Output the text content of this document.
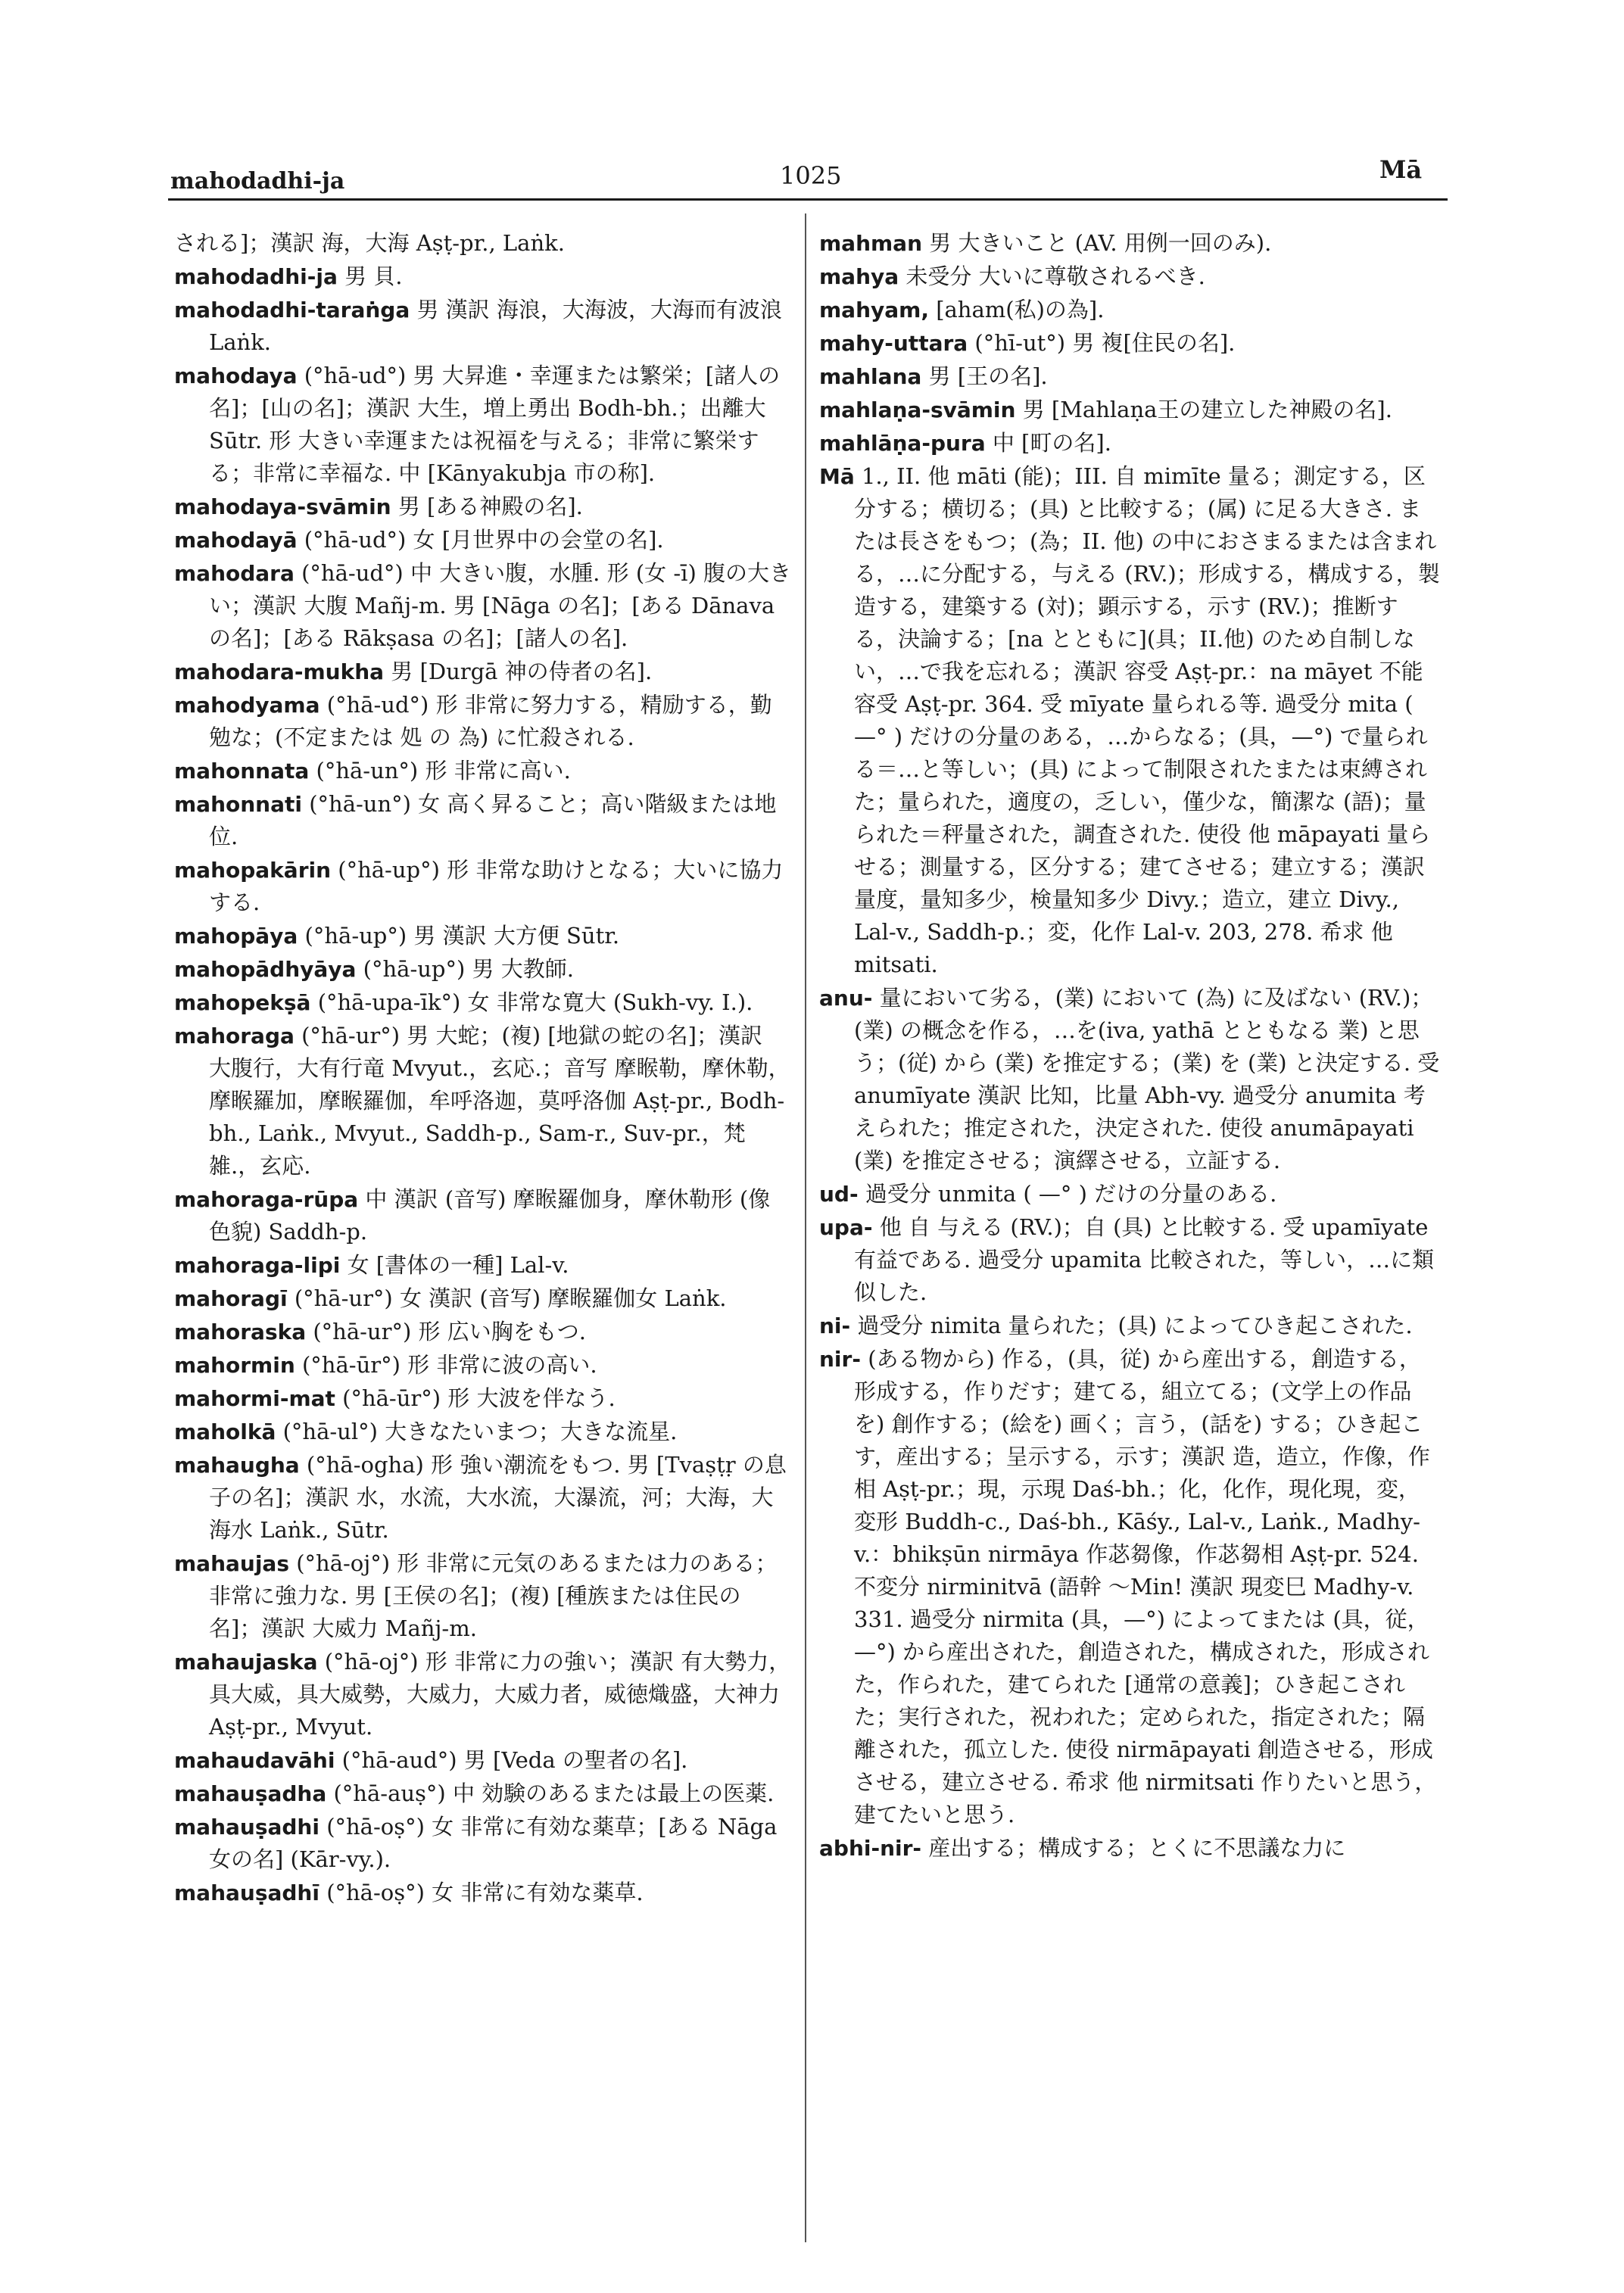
mahodadhi-ja	1025	Mā
される]；漢訳 海，大海 Aṣṭ-pr., Laṅk.
mahodadhi-ja 男 貝.
mahodadhi-taraṅga 男 漢訳 海浪，大海波，大海而有波浪 Laṅk.
mahodaya (°hā-ud°) 男 大昇進・幸運または繁栄；[諸人の名]；[山の名]；漢訳 大生，増上勇出 Bodh-bh.；出離大 Sūtr. 形 大きい幸運または祝福を与える；非常に繁栄する；非常に幸福な. 中 [Kānyakubja 市の称].
mahodaya-svāmin 男 [ある神殿の名].
mahodayā (°hā-ud°) 女 [月世界中の会堂の名].
mahodara (°hā-ud°) 中 大きい腹，水腫. 形 (女 -ī) 腹の大きい；漢訳 大腹 Mañj-m. 男 [Nāga の名]；[ある Dānava の名]；[ある Rākṣasa の名]；[諸人の名].
mahodara-mukha 男 [Durgā 神の侍者の名].
mahodyama (°hā-ud°) 形 非常に努力する，精励する，勤勉な；(不定または 処 の 為) に忙殺される.
mahonnata (°hā-un°) 形 非常に高い.
mahonnati (°hā-un°) 女 高く昇ること；高い階級または地位.
mahopakārin (°hā-up°) 形 非常な助けとなる；大いに協力する.
mahopāya (°hā-up°) 男 漢訳 大方便 Sūtr.
mahopādhyāya (°hā-up°) 男 大教師.
mahopekṣā (°hā-upa-īk°) 女 非常な寛大 (Sukh-vy. I.).
mahoraga (°hā-ur°) 男 大蛇；(複) [地獄の蛇の名]；漢訳 大腹行，大有行竜 Mvyut.，玄応.；音写 摩睺勒，摩休勒，摩睺羅加，摩睺羅伽，牟呼洛迦，莫呼洛伽 Aṣṭ-pr., Bodh-bh., Laṅk., Mvyut., Saddh-p., Sam-r., Suv-pr.，梵雑.，玄応.
mahoraga-rūpa 中 漢訳 (音写) 摩睺羅伽身，摩休勒形 (像色貌) Saddh-p.
mahoraga-lipi 女 [書体の一種] Lal-v.
mahoragī (°hā-ur°) 女 漢訳 (音写) 摩睺羅伽女 Laṅk.
mahoraska (°hā-ur°) 形 広い胸をもつ.
mahormin (°hā-ūr°) 形 非常に波の高い.
mahormi-mat (°hā-ūr°) 形 大波を伴なう.
maholkā (°hā-ul°) 大きなたいまつ；大きな流星.
mahaugha (°hā-ogha) 形 強い潮流をもつ. 男 [Tvaṣṭṛ の息子の名]；漢訳 水，水流，大水流，大瀑流，河；大海，大海水 Laṅk., Sūtr.
mahaujas (°hā-oj°) 形 非常に元気のあるまたは力のある；非常に強力な. 男 [王侯の名]；(複) [種族または住民の名]；漢訳 大威力 Mañj-m.
mahaujaska (°hā-oj°) 形 非常に力の強い；漢訳 有大勢力，具大威，具大威勢，大威力，大威力者，威徳熾盛，大神力 Aṣṭ-pr., Mvyut.
mahaudavāhi (°hā-aud°) 男 [Veda の聖者の名].
mahauṣadha (°hā-auṣ°) 中 効験のあるまたは最上の医薬.
mahauṣadhi (°hā-oṣ°) 女 非常に有効な薬草；[ある Nāga女の名] (Kār-vy.).
mahauṣadhī (°hā-oṣ°) 女 非常に有効な薬草.
mahman 男 大きいこと (AV. 用例一回のみ).
mahya 未受分 大いに尊敬されるべき.
mahyam, [aham(私)の為].
mahy-uttara (°hī-ut°) 男 複[住民の名].
mahlana 男 [王の名].
mahlaṇa-svāmin 男 [Mahlaṇa王の建立した神殿の名].
mahlāṇa-pura 中 [町の名].
Mā 1., II. 他 māti (能)；III. 自 mimīte 量る；測定する，区分する；横切る；(具) と比較する；(属) に足る大きさ. または長さをもつ；(為；II. 他) の中におさまるまたは含まれる，…に分配する，与える (RV.)；形成する，構成する，製造する，建築する (対)；顕示する，示す (RV.)；推断する，決論する；[na とともに](具；II.他) のため自制しない，…で我を忘れる；漢訳 容受 Aṣṭ-pr.：na māyet 不能容受 Aṣṭ-pr. 364. 受 mīyate 量られる等. 過受分 mita ( —° ) だけの分量のある，…からなる；(具，—°) で量られる＝…と等しい；(具) によって制限されたまたは束縛された；量られた，適度の，乏しい，僅少な，簡潔な (語)；量られた＝秤量された，調査された. 使役 他 māpayati 量らせる；測量する，区分する；建てさせる；建立する；漢訳 量度，量知多少，検量知多少 Divy.；造立，建立 Divy., Lal-v., Saddh-p.；変，化作 Lal-v. 203, 278. 希求 他 mitsati.
anu- 量において劣る，(業) において (為) に及ばない (RV.)；(業) の概念を作る，…を(iva, yathā とともなる 業) と思う；(従) から (業) を推定する；(業) を (業) と決定する. 受 anumīyate 漢訳 比知，比量 Abh-vy. 過受分 anumita 考えられた；推定された，決定された. 使役 anumāpayati (業) を推定させる；演繹させる，立証する.
ud- 過受分 unmita ( —° ) だけの分量のある.
upa- 他 自 与える (RV.)；自 (具) と比較する. 受 upamīyate 有益である. 過受分 upamita 比較された，等しい，…に類似した.
ni- 過受分 nimita 量られた；(具) によってひき起こされた.
nir- (ある物から) 作る，(具，従) から産出する，創造する，形成する，作りだす；建てる，組立てる；(文学上の作品を) 創作する；(絵を) 画く；言う，(話を) する；ひき起こす，産出する；呈示する，示す；漢訳 造，造立，作像，作相 Aṣṭ-pr.；現，示現 Daś-bh.；化，化作，現化現，変，変形 Buddh-c., Daś-bh., Kāśy., Lal-v., Laṅk., Madhy-v.：bhikṣūn nirmāya 作苾芻像，作苾芻相 Aṣṭ-pr. 524. 不変分 nirminitvā (語幹 ～Min! 漢訳 現変巳 Madhy-v. 331. 過受分 nirmita (具，—°) によってまたは (具，従，—°) から産出された，創造された，構成された，形成された，作られた，建てられた [通常の意義]；ひき起こされた；実行された，祝われた；定められた，指定された；隔離された，孤立した. 使役 nirmāpayati 創造させる，形成させる，建立させる. 希求 他 nirmitsati 作りたいと思う，建てたいと思う.
abhi-nir- 産出する；構成する；とくに不思議な力に
